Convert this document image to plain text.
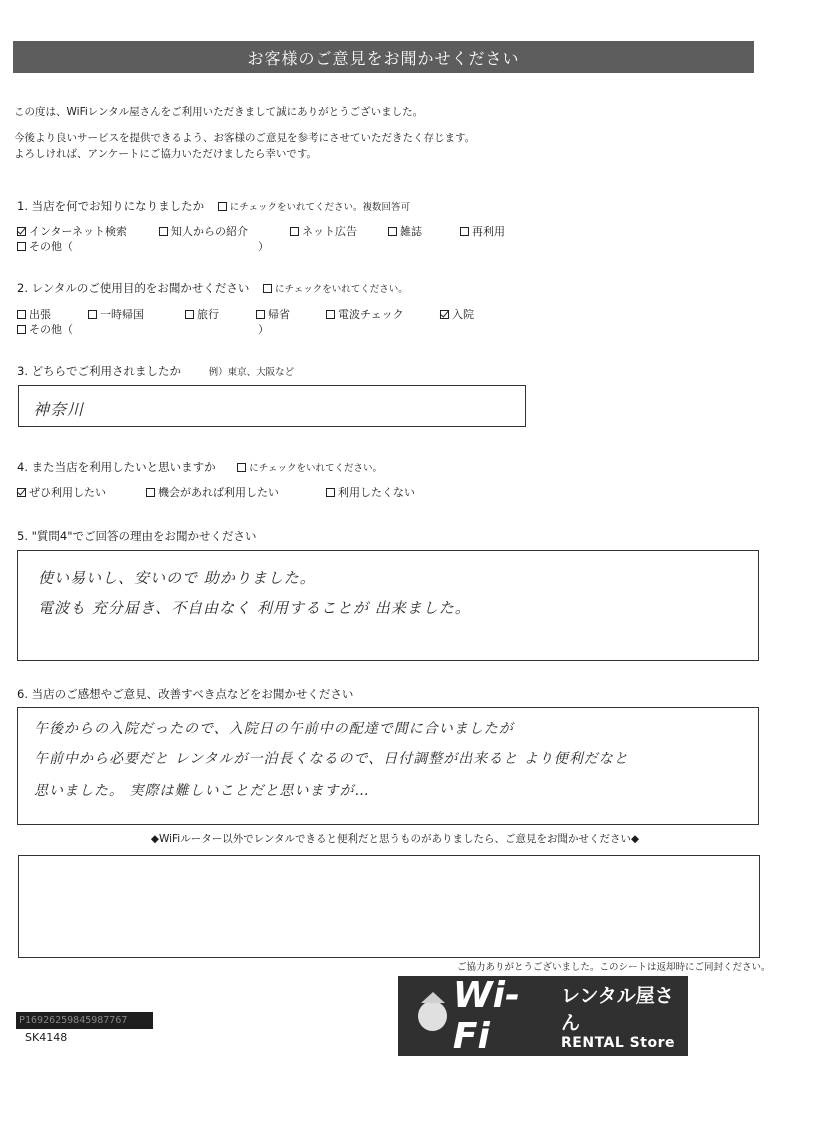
お客様のご意見をお聞かせください
この度は、WiFiレンタル屋さんをご利用いただきまして誠にありがとうございました。
今後より良いサービスを提供できるよう、お客様のご意見を参考にさせていただきたく存じます。
よろしければ、アンケートにご協力いただけましたら幸いです。
1. 当店を何でお知りになりましたか	にチェックをいれてください。複数回答可
インターネット検索	知人からの紹介	ネット広告	雑誌	再利用
その他（	）
2. レンタルのご使用目的をお聞かせください	にチェックをいれてください。
出張	一時帰国	旅行	帰省	電波チェック	入院
その他（	）
3. どちらでご利用されましたか	例）東京、大阪など
神奈川
4. また当店を利用したいと思いますか	にチェックをいれてください。
ぜひ利用したい	機会があれば利用したい	利用したくない
5. "質問4"でご回答の理由をお聞かせください
使い易いし、安いので 助かりました。
電波も 充分届き、不自由なく 利用することが 出来ました。
6. 当店のご感想やご意見、改善すべき点などをお聞かせください
午後からの入院だったので、入院日の午前中の配達で間に合いましたが
午前中から必要だと レンタルが一泊長くなるので、日付調整が出来ると より便利だなと
思いました。 実際は難しいことだと思いますが…
◆WiFiルーター以外でレンタルできると便利だと思うものがありましたら、ご意見をお聞かせください◆
ご協力ありがとうございました。このシートは返却時にご同封ください。
P16926259845987767
SK4148
Wi-Fi
レンタル屋さん
RENTAL Store
